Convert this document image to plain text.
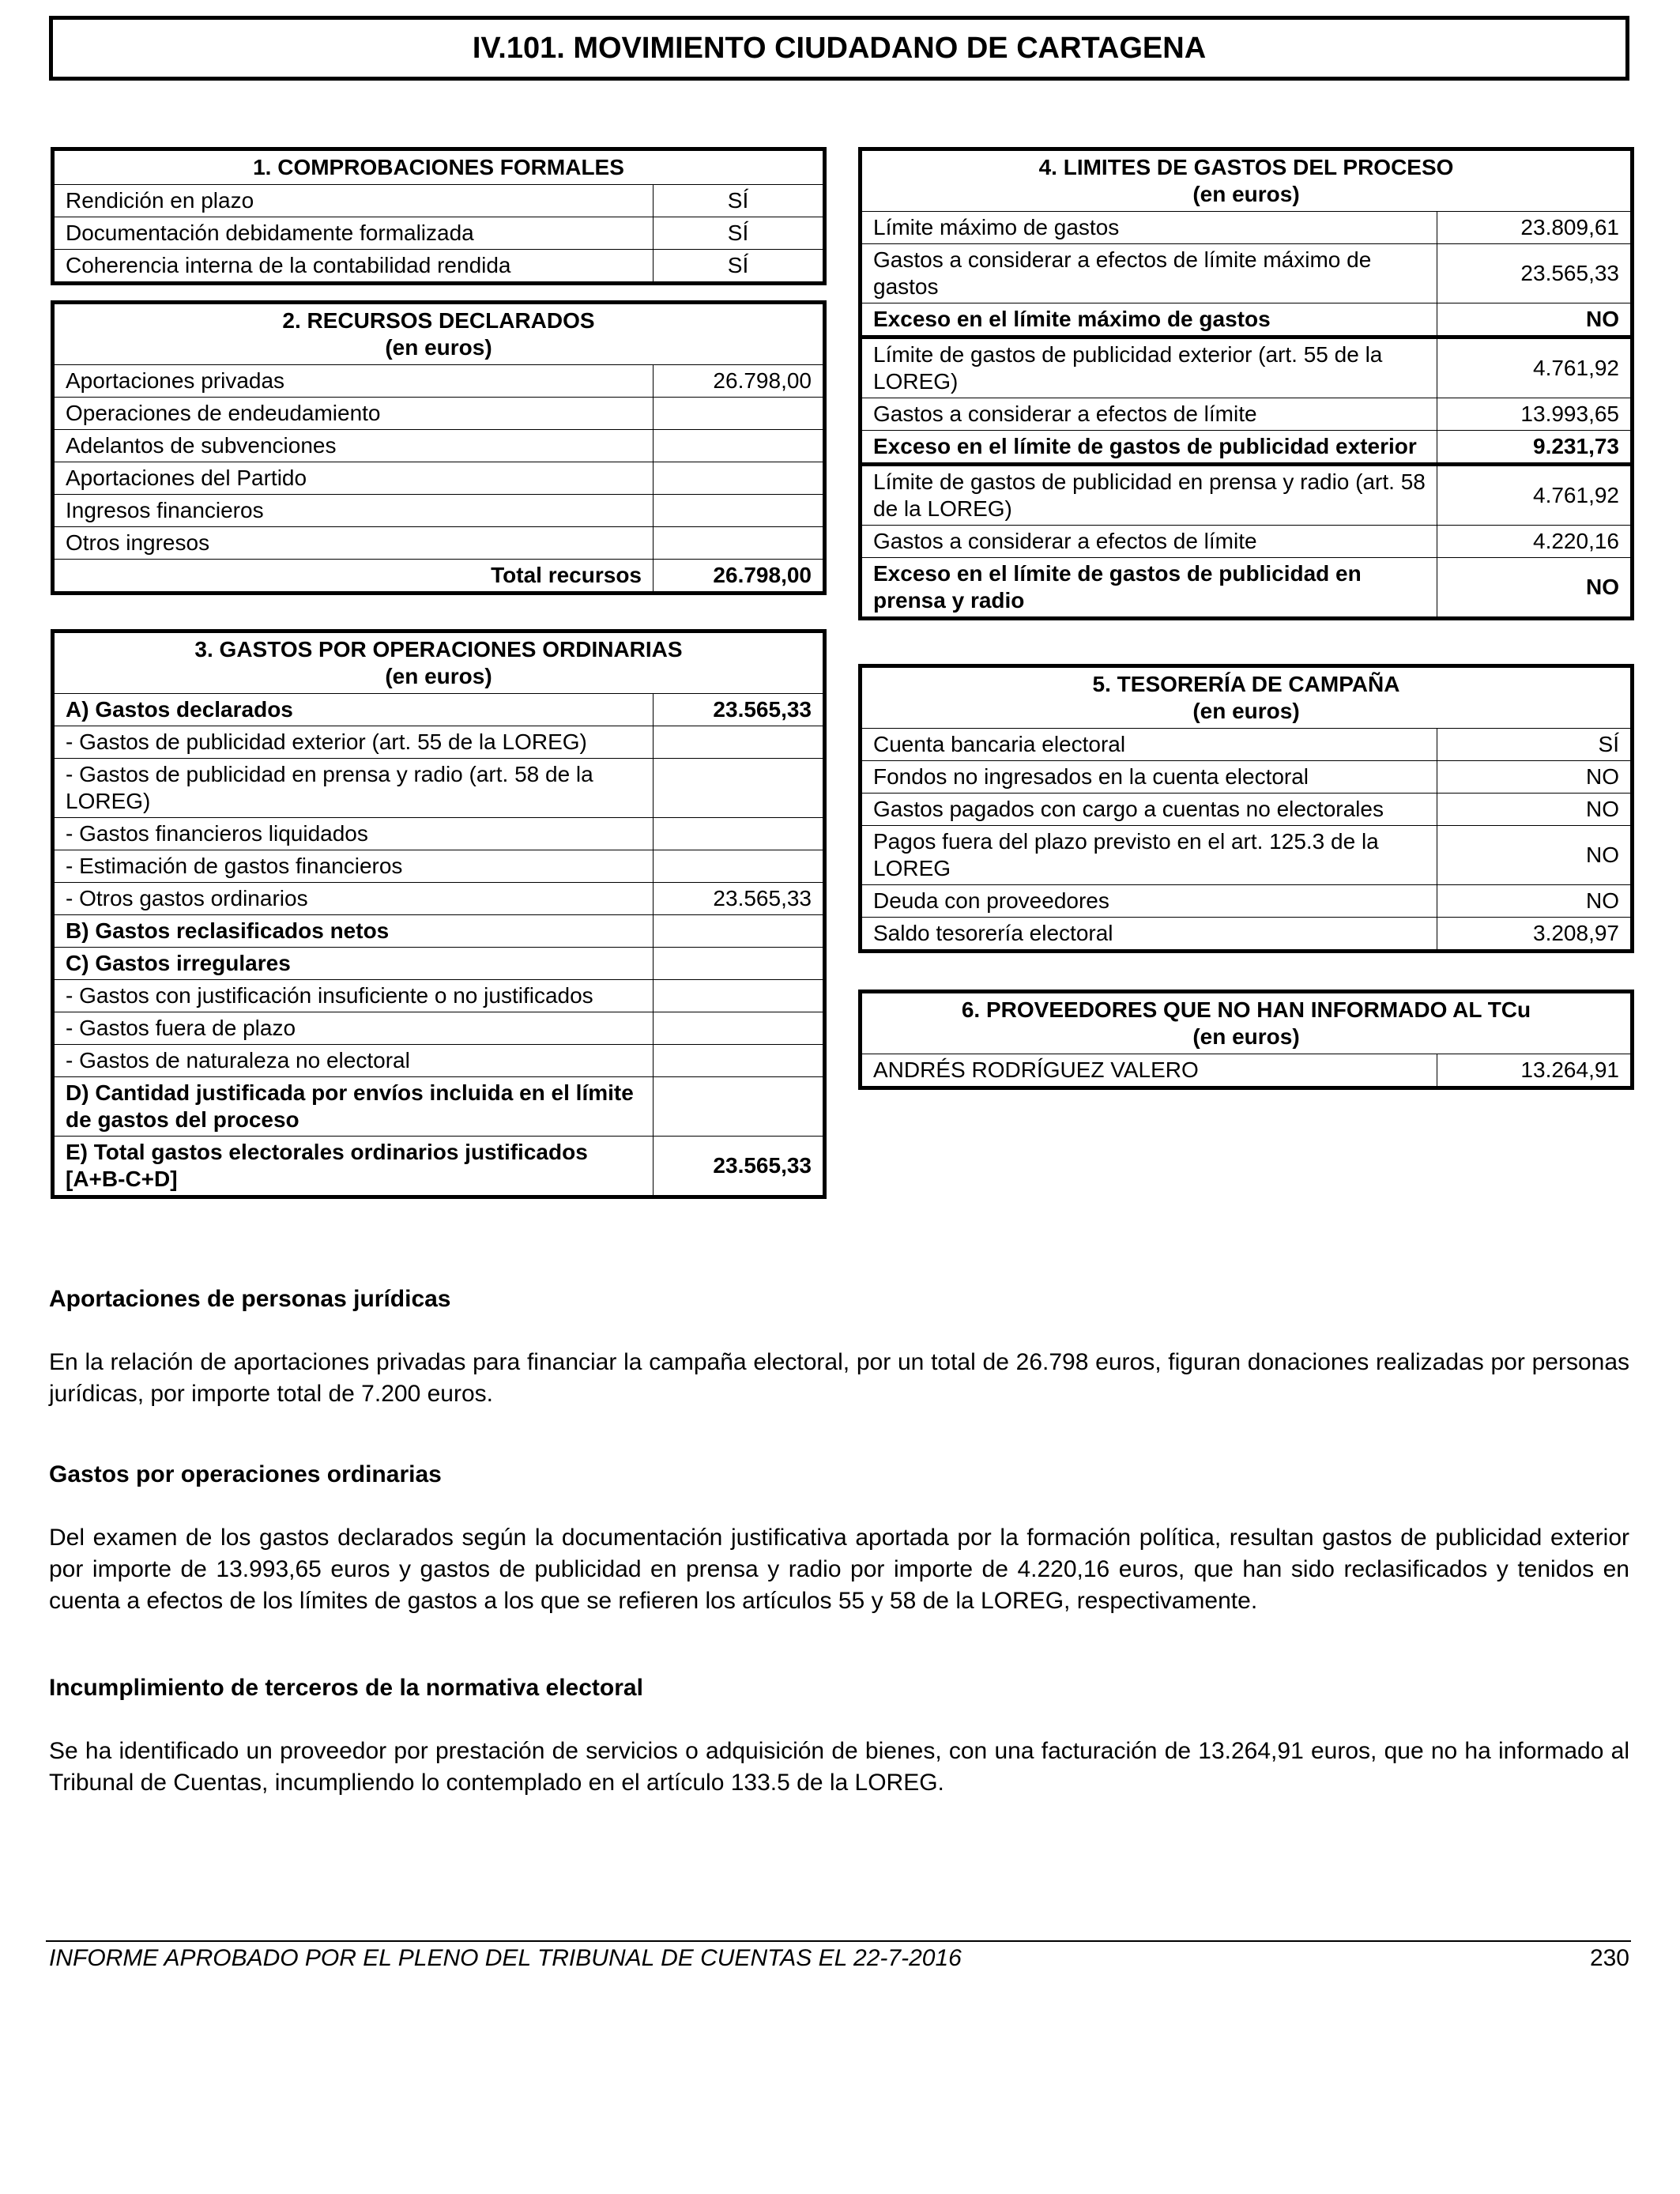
IV.101. MOVIMIENTO CIUDADANO DE CARTAGENA
1. COMPROBACIONES FORMALES	
Rendición en plazo	SÍ
Documentación debidamente formalizada	SÍ
Coherencia interna de la contabilidad rendida	SÍ
2. RECURSOS DECLARADOS
(en euros)	

Aportaciones privadas	26.798,00
Operaciones de endeudamiento	
Adelantos de subvenciones	
Aportaciones del Partido	
Ingresos financieros	
Otros ingresos	
Total recursos	26.798,00
3. GASTOS POR OPERACIONES ORDINARIAS
(en euros)	

A) Gastos declarados	23.565,33
- Gastos de publicidad exterior (art. 55 de la LOREG)	
- Gastos de publicidad en prensa y radio (art. 58 de la LOREG)	
- Gastos financieros liquidados	
- Estimación de gastos financieros	
- Otros gastos ordinarios	23.565,33
B) Gastos reclasificados netos	
C) Gastos irregulares	
- Gastos con justificación insuficiente o no justificados	
- Gastos fuera de plazo	
- Gastos de naturaleza no electoral	
D) Cantidad justificada por envíos incluida en el límite de gastos del proceso	
E) Total gastos electorales ordinarios justificados [A+B-C+D]	23.565,33
4. LIMITES DE GASTOS DEL PROCESO
(en euros)	

Límite máximo de gastos	23.809,61
Gastos a considerar a efectos de límite máximo de gastos	23.565,33
Exceso en el límite máximo de gastos	NO
Límite de gastos de publicidad exterior (art. 55 de la LOREG)	4.761,92
Gastos a considerar a efectos de límite	13.993,65
Exceso en el límite de gastos de publicidad exterior	9.231,73
Límite de gastos de publicidad en prensa y radio (art. 58 de la LOREG)	4.761,92
Gastos a considerar a efectos de límite	4.220,16
Exceso en el límite de gastos de publicidad en prensa y radio	NO
5. TESORERÍA DE CAMPAÑA
(en euros)	

Cuenta bancaria electoral	SÍ
Fondos no ingresados en la cuenta electoral	NO
Gastos pagados con cargo a cuentas no electorales	NO
Pagos fuera del plazo previsto en el art. 125.3 de la LOREG	NO
Deuda con proveedores	NO
Saldo tesorería electoral	3.208,97
6. PROVEEDORES QUE NO HAN INFORMADO AL TCu
(en euros)

ANDRÉS RODRÍGUEZ VALERO	13.264,91
Aportaciones de personas jurídicas

En la relación de aportaciones privadas para financiar la campaña electoral, por un total de 26.798 euros, figuran donaciones realizadas por personas jurídicas, por importe total de 7.200 euros.

Gastos por operaciones ordinarias

Del examen de los gastos declarados según la documentación justificativa aportada por la formación política, resultan gastos de publicidad exterior por importe de 13.993,65 euros y gastos de publicidad en prensa y radio por importe de 4.220,16 euros, que han sido reclasificados y tenidos en cuenta a efectos de los límites de gastos a los que se refieren los artículos 55 y 58 de la LOREG, respectivamente.

Incumplimiento de terceros de la normativa electoral

Se ha identificado un proveedor por prestación de servicios o adquisición de bienes, con una facturación de 13.264,91 euros, que no ha informado al Tribunal de Cuentas, incumpliendo lo contemplado en el artículo 133.5 de la LOREG.

INFORME APROBADO POR EL PLENO DEL TRIBUNAL DE CUENTAS EL 22-7-2016	230
